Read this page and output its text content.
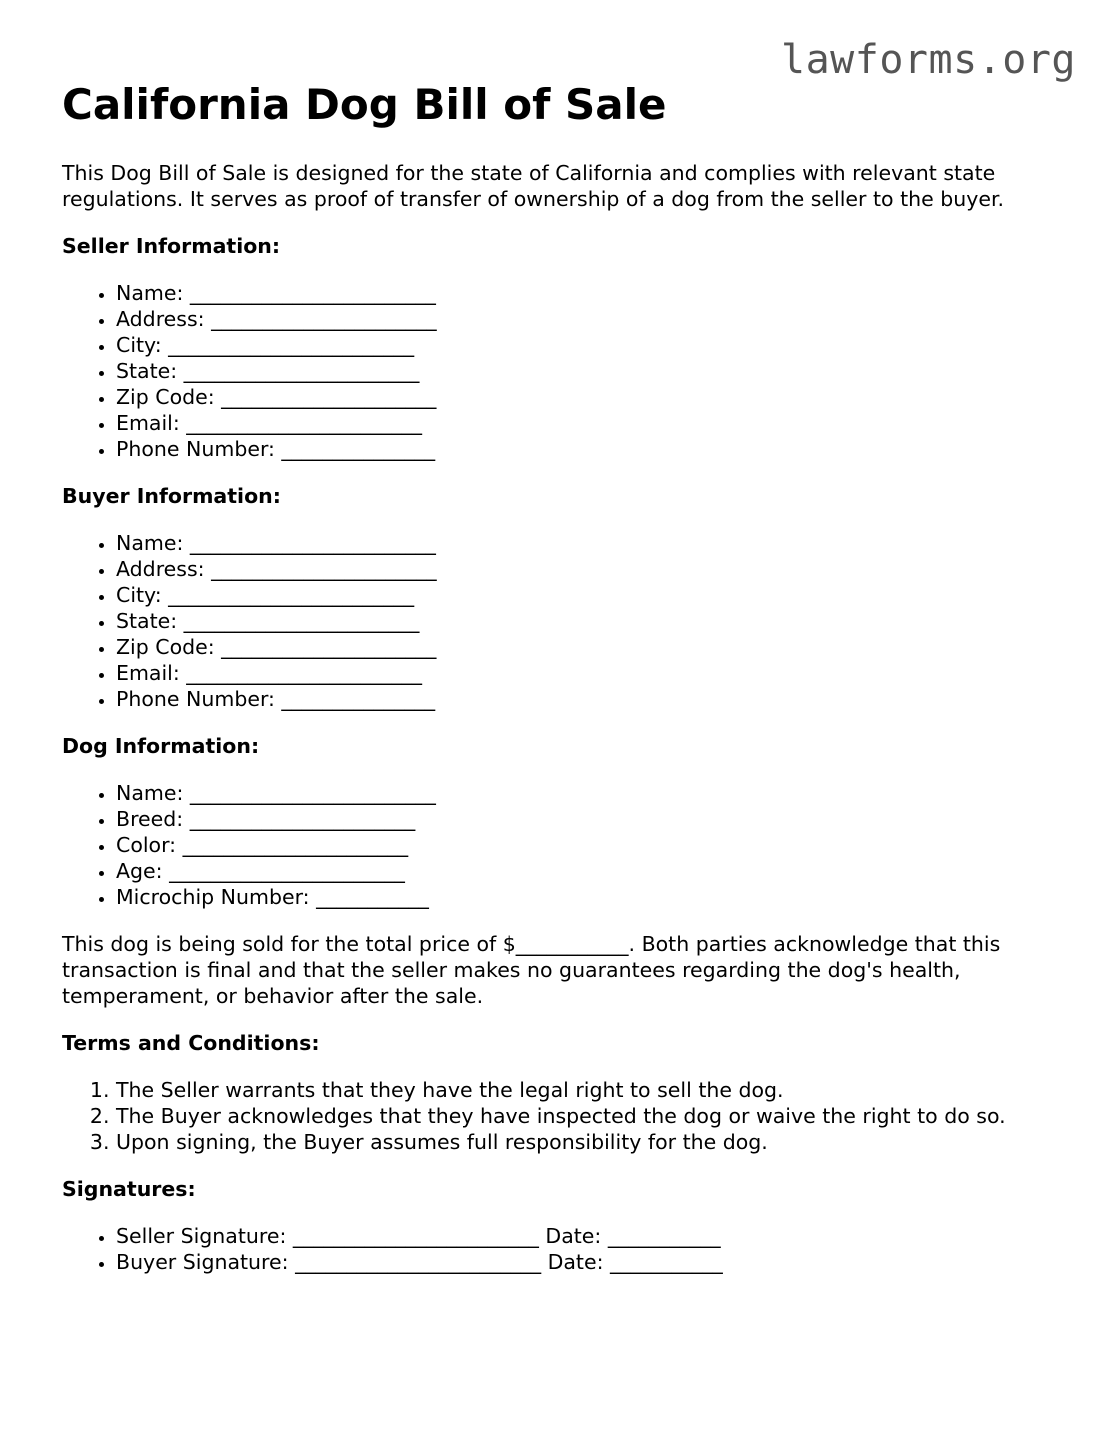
lawforms.org
California Dog Bill of Sale

This Dog Bill of Sale is designed for the state of California and complies with relevant state regulations. It serves as proof of transfer of ownership of a dog from the seller to the buyer.

Seller Information:
• Name: ________________________
• Address: ______________________
• City: ________________________
• State: _______________________
• Zip Code: _____________________
• Email: _______________________
• Phone Number: _______________
Buyer Information:
• Name: ________________________
• Address: ______________________
• City: ________________________
• State: _______________________
• Zip Code: _____________________
• Email: _______________________
• Phone Number: _______________
Dog Information:
• Name: ________________________
• Breed: ______________________
• Color: ______________________
• Age: _______________________
• Microchip Number: ___________

This dog is being sold for the total price of $___________. Both parties acknowledge that this transaction is final and that the seller makes no guarantees regarding the dog's health, temperament, or behavior after the sale.

Terms and Conditions:
1. The Seller warrants that they have the legal right to sell the dog.
2. The Buyer acknowledges that they have inspected the dog or waive the right to do so.
3. Upon signing, the Buyer assumes full responsibility for the dog.
Signatures:
• Seller Signature: ________________________ Date: ___________
• Buyer Signature: ________________________ Date: ___________
